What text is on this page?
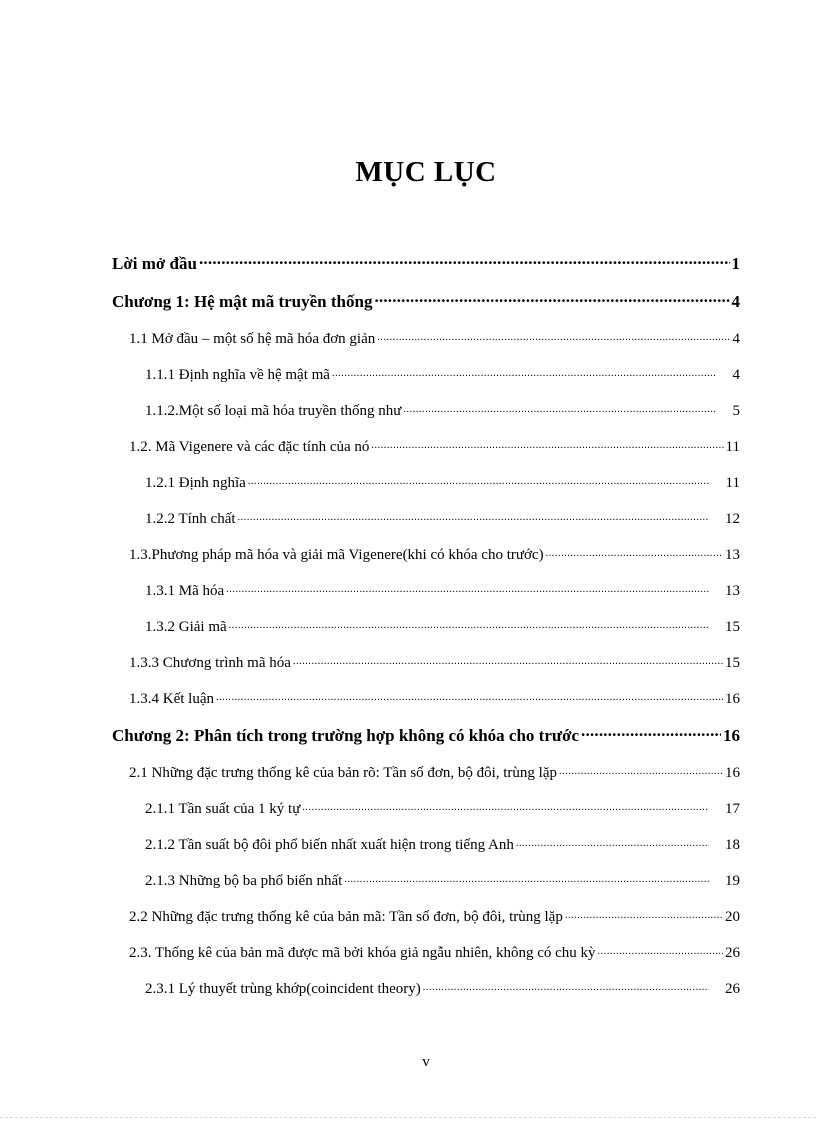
MỤC LỤC
Lời mở đầu .....	1
Chương 1: Hệ mật mã truyền thống .....	4
1.1 Mở đầu – một số hệ mã hóa đơn giản .....	4
1.1.1 Định nghĩa về hệ mật mã .....	4
1.1.2.Một số loại mã hóa truyền thống như .....	5
1.2. Mã Vigenere và các đặc tính của nó .....	11
1.2.1 Định nghĩa .....	11
1.2.2 Tính chất .....	12
1.3.Phương pháp mã hóa và giải mã Vigenere(khi có khóa cho trước) .....	13
1.3.1 Mã hóa .....	13
1.3.2 Giải mã .....	15
1.3.3 Chương trình mã hóa .....	15
1.3.4 Kết luận .....	16
Chương 2: Phân tích trong trường hợp không có khóa cho trước .....	16
2.1 Những đặc trưng thống kê của bản rõ: Tần số đơn, bộ đôi, trùng lặp .....	16
2.1.1 Tần suất của 1 ký tự .....	17
2.1.2 Tần suất bộ đôi phổ biến nhất xuất hiện trong tiếng Anh .....	18
2.1.3 Những bộ ba phổ biến nhất .....	19
2.2 Những đặc trưng thống kê của bản mã: Tần số đơn, bộ đôi, trùng lặp .....	20
2.3. Thống kê của bản mã được mã bởi khóa giả ngẫu nhiên, không có chu kỳ .....	26
2.3.1 Lý thuyết trùng khớp(coincident theory) .....	26
v
